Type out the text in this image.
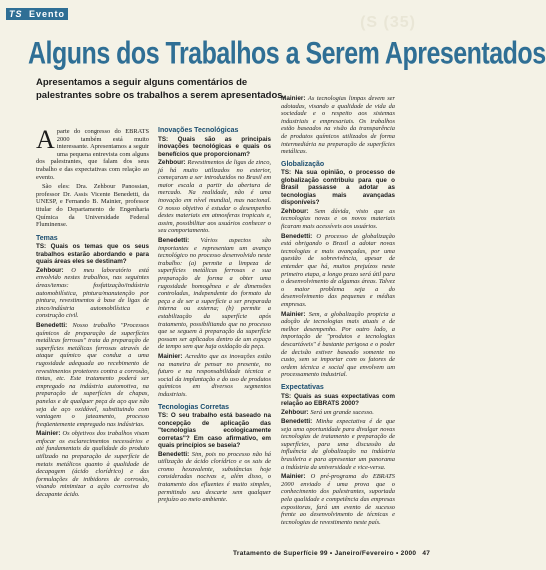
TS Evento	(S (35)
Alguns dos Trabalhos a Serem Apresentados
Apresentamos a seguir alguns comentários de palestrantes sobre os trabalhos a serem apresentados.
A parte do congresso do EBRATS 2000 também está muito interessante. Apresentamos a seguir uma pequena entrevista com alguns dos palestrantes, que falam dos seus trabalho e das expectativas com relação ao evento.

São eles: Dra. Zehbour Panossian, professor Dr. Assis Vicente Benedetti, da UNESP, e Fernando B. Mainier, professor titular do Departamento de Engenharia Química da Universidade Federal Fluminense.

Temas

TS: Quais os temas que os seus trabalhos estarão abordando e para quais áreas eles se destinam?

Zehbour: O meu laboratório está envolvido nestes trabalhos, nas seguintes áreas/temas: fosfatização/indústria automobilística, pintura/manutenção por pintura, revestimentos à base de ligas de zinco/indústria automobilística e construção civil.

Benedetti: Nosso trabalho "Processos químicos de preparação de superfícies metálicas ferrosas" trata da preparação de superfícies metálicas ferrosas através de ataque químico que conduz a uma rugosidade adequada ao recebimento de revestimentos protetores contra a corrosão, tintas, etc. Este tratamento poderá ser empregado na indústria automotiva, na preparação de superfícies de chapas, panelas e de qualquer peça de aço que não seja de aço oxidável, substituindo com vantagem o jateamento, processo freqüentemente empregado nas indústrias.

Mainier: Os objetivos dos trabalhos visam enfocar os esclarecimentos necessários e até fundamentais da qualidade do produto utilizado na preparação de superfície de metais metálicos quanto à qualidade de decapagem (ácido clorídrico) e das formulações de inibidores de corrosão, visando minimizar a ação corrosiva do decapante ácido.

Inovações Tecnológicas

TS: Quais são as principais inovações tecnológicas e quais os benefícios que proporcionam?

Zehbour: Revestimentos de ligas de zinco, já há muito utilizados no exterior, começaram a ser introduzidos no Brasil em maior escala a partir da abertura de mercado. Na realidade, não é uma inovação em nível mundial, mas nacional. O nosso objetivo é estudar o desempenho destes materiais em atmosferas tropicais e, assim, possibilitar aos usuários conhecer o seu comportamento.

Benedetti: Vários aspectos são importantes e representam um avanço tecnológico no processo desenvolvido neste trabalho: (a) permite a limpeza de superfícies metálicas ferrosas e sua preparação de forma a obter uma rugosidade homogênea e de dimensões controladas, independente do formato da peça e de ser a superfície a ser preparada interna ou externa; (b) permite a estabilização da superfície após tratamento, possibilitando que no processo que se seguem à preparação da superfície possam ser aplicados dentro de um espaço de tempo sem que haja oxidação da peça.

Mainier: Acredito que as inovações estão na maneira de pensar no presente, no futuro e na responsabilidade técnica e social da implantação e do uso de produtos químicos em diversos segmentos industriais.

Tecnologias Corretas

TS: O seu trabalho está baseado na concepção de aplicação das "tecnologias ecologicamente corretas"? Em caso afirmativo, em quais princípios se baseia?

Benedetti: Sim, pois no processo não há utilização de ácido clorídrico e os sais de cromo hexavalente, substâncias hoje consideradas nocivas e, além disso, o tratamento dos efluentes é muito simples, permitindo seu descarte sem qualquer prejuízo ao meio ambiente.

Mainier: As tecnologias limpas devem ser adotadas, visando a qualidade de vida da sociedade e o respeito aos sistemas industriais e empresariais. Os trabalhos estão baseados na visão da transparência de produtos químicos utilizados de forma intermediária na preparação de superfícies metálicas.

Globalização

TS: Na sua opinião, o processo de globalização contribuiu para que o Brasil passasse a adotar as tecnologias mais avançadas disponíveis?

Zehbour: Sem dúvida, visto que as tecnologias novas e os novos materiais ficaram mais acessíveis aos usuários.

Benedetti: O processo de globalização está obrigando o Brasil a adotar novas tecnologias e mais avançadas, por uma questão de sobrevivência, apesar de entender que há, muitos prejuízos neste primeiro etapa, a longo prazo será útil para o desenvolvimento de algumas áreas. Talvez o maior problema seja a do desenvolvimento das pequenas e médias empresas.

Mainier: Sem, a globalização propicia a adoção de tecnologias mais atuais e de melhor desempenho. Por outro lado, a importação de "produtos e tecnologias descartáveis" é bastante perigosa e o poder de decisão estiver baseado somente no custo, sem se importar com os fatores de ordem técnica e social que envolvem um processamento industrial.

Expectativas

TS: Quais as suas expectativas com relação ao EBRATS 2000?

Zehbour: Será um grande sucesso.

Benedetti: Minha expectativa é de que seja uma oportunidade para divulgar novas tecnologias de tratamento e preparação de superfícies, para uma discussão da influência da globalização na indústria brasileira e para apresentar um panorama a indústria da universidade e vice-versa.

Mainier: O pré-programa do EBRATS 2000 enviado é uma prova que o conhecimento dos palestrantes, suportada pela qualidade e competência das empresas expositoras, fará um evento de sucesso frente ao desenvolvimento de técnicas e tecnologias de revestimento neste país.

Tratamento de Superfície 99 • Janeiro/Fevereiro • 2000 47
